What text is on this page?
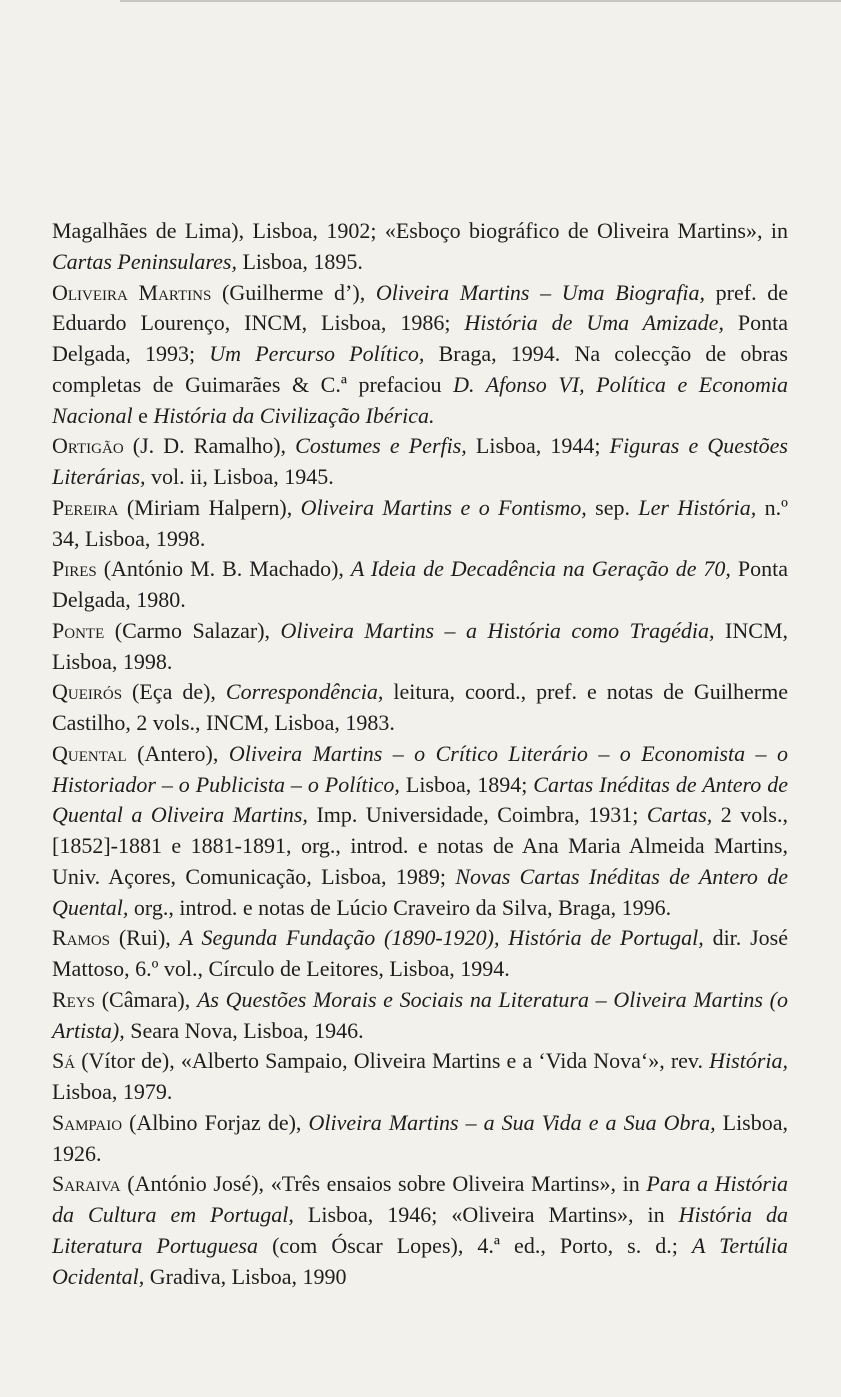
Magalhães de Lima), Lisboa, 1902; «Esboço biográfico de Oliveira Martins», in Cartas Peninsulares, Lisboa, 1895.

Oliveira Martins (Guilherme d’), Oliveira Martins – Uma Biografia, pref. de Eduardo Lourenço, INCM, Lisboa, 1986; História de Uma Amizade, Ponta Delgada, 1993; Um Percurso Político, Braga, 1994. Na colecção de obras completas de Guimarães & C.ª prefaciou D. Afonso VI, Política e Economia Nacional e História da Civilização Ibérica.

Ortigão (J. D. Ramalho), Costumes e Perfis, Lisboa, 1944; Figuras e Questões Literárias, vol. ii, Lisboa, 1945.

Pereira (Miriam Halpern), Oliveira Martins e o Fontismo, sep. Ler História, n.º 34, Lisboa, 1998.

Pires (António M. B. Machado), A Ideia de Decadência na Geração de 70, Ponta Delgada, 1980.

Ponte (Carmo Salazar), Oliveira Martins – a História como Tragédia, INCM, Lisboa, 1998.

Queirós (Eça de), Correspondência, leitura, coord., pref. e notas de Guilherme Castilho, 2 vols., INCM, Lisboa, 1983.

Quental (Antero), Oliveira Martins – o Crítico Literário – o Economista – o Historiador – o Publicista – o Político, Lisboa, 1894; Cartas Inéditas de Antero de Quental a Oliveira Martins, Imp. Universidade, Coimbra, 1931; Cartas, 2 vols., [1852]-1881 e 1881-1891, org., introd. e notas de Ana Maria Almeida Martins, Univ. Açores, Comunicação, Lisboa, 1989; Novas Cartas Inéditas de Antero de Quental, org., introd. e notas de Lúcio Craveiro da Silva, Braga, 1996.

Ramos (Rui), A Segunda Fundação (1890-1920), História de Portugal, dir. José Mattoso, 6.º vol., Círculo de Leitores, Lisboa, 1994.

Reys (Câmara), As Questões Morais e Sociais na Literatura – Oliveira Martins (o Artista), Seara Nova, Lisboa, 1946.

Sá (Vítor de), «Alberto Sampaio, Oliveira Martins e a ‘Vida Nova‘», rev. História, Lisboa, 1979.

Sampaio (Albino Forjaz de), Oliveira Martins – a Sua Vida e a Sua Obra, Lisboa, 1926.

Saraiva (António José), «Três ensaios sobre Oliveira Martins», in Para a História da Cultura em Portugal, Lisboa, 1946; «Oliveira Martins», in História da Literatura Portuguesa (com Óscar Lopes), 4.ª ed., Porto, s. d.; A Tertúlia Ocidental, Gradiva, Lisboa, 1990
